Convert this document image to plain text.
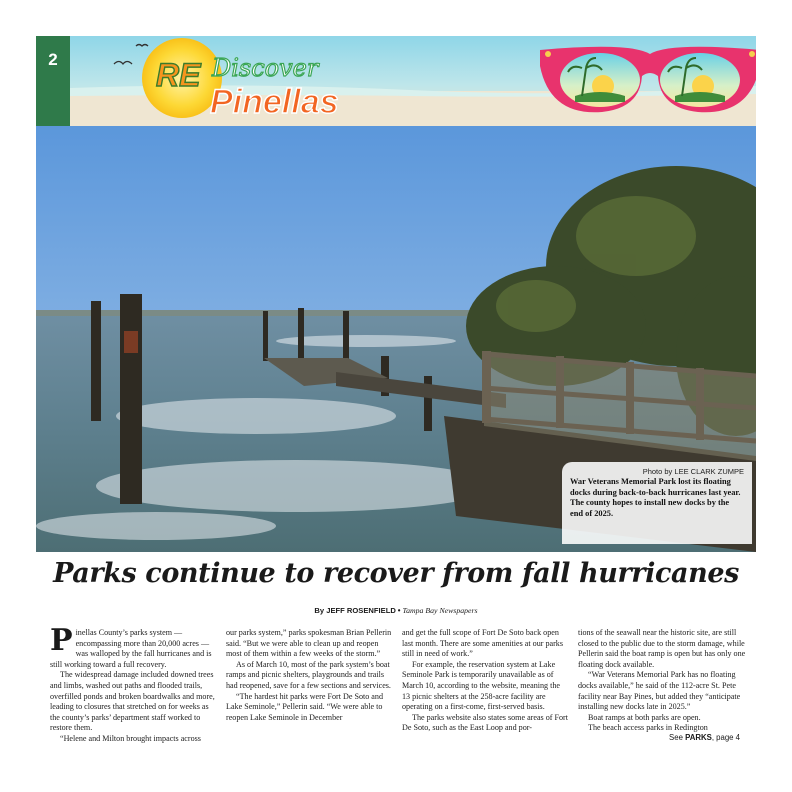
RE Discover
Pinellas
2
Photo by LEE CLARK ZUMPE
War Veterans Memorial Park lost its floating docks during back-to-back hurricanes last year. The county hopes to install new docks by the end of 2025.
Parks continue to recover from fall hurricanes
By JEFF ROSENFIELD • Tampa Bay Newspapers

Pinellas County’s parks system — encompassing more than 20,000 acres — was walloped by the fall hurricanes and is still working toward a full recovery.

The widespread damage included downed trees and limbs, washed out paths and flooded trails, overfilled ponds and broken boardwalks and more, leading to closures that stretched on for weeks as the county’s parks’ department staff worked to restore them.

“Helene and Milton brought impacts across

our parks system,” parks spokesman Brian Pellerin said. “But we were able to clean up and reopen most of them within a few weeks of the storm.”

As of March 10, most of the park system’s boat ramps and picnic shelters, playgrounds and trails had reopened, save for a few sections and services.

“The hardest hit parks were Fort De Soto and Lake Seminole,” Pellerin said. “We were able to reopen Lake Seminole in December

and get the full scope of Fort De Soto back open last month. There are some amenities at our parks still in need of work.”

For example, the reservation system at Lake Seminole Park is temporarily unavailable as of March 10, according to the website, meaning the 13 picnic shelters at the 258-acre facility are operating on a first-come, first-served basis.

The parks website also states some areas of Fort De Soto, such as the East Loop and por-

tions of the seawall near the historic site, are still closed to the public due to the storm damage, while Pellerin said the boat ramp is open but has only one floating dock available.

“War Veterans Memorial Park has no floating docks available,” he said of the 112-acre St. Pete facility near Bay Pines, but added they “anticipate installing new docks late in 2025.”

Boat ramps at both parks are open.

The beach access parks in Redington

See PARKS, page 4
